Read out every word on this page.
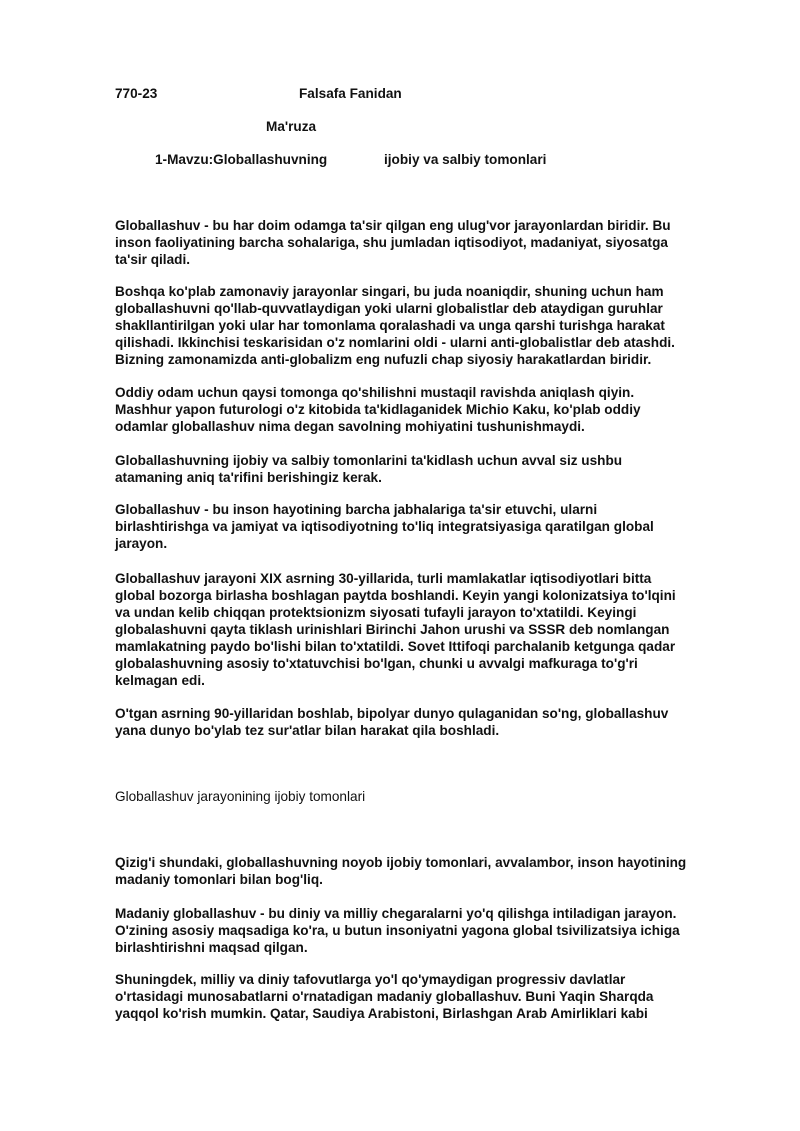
770-23	Falsafa Fanidan
Ma'ruza
1-Mavzu:Globallashuvning	ijobiy va salbiy tomonlari

Globallashuv - bu har doim odamga ta'sir qilgan eng ulug'vor jarayonlardan biridir. Bu
inson faoliyatining barcha sohalariga, shu jumladan iqtisodiyot, madaniyat, siyosatga
ta'sir qiladi.

Boshqa ko'plab zamonaviy jarayonlar singari, bu juda noaniqdir, shuning uchun ham
globallashuvni qo'llab-quvvatlaydigan yoki ularni globalistlar deb ataydigan guruhlar
shakllantirilgan yoki ular har tomonlama qoralashadi va unga qarshi turishga harakat
qilishadi. Ikkinchisi teskarisidan o'z nomlarini oldi - ularni anti-globalistlar deb atashdi.
Bizning zamonamizda anti-globalizm eng nufuzli chap siyosiy harakatlardan biridir.

Oddiy odam uchun qaysi tomonga qo'shilishni mustaqil ravishda aniqlash qiyin.
Mashhur yapon futurologi o'z kitobida ta'kidlaganidek Michio Kaku, ko'plab oddiy
odamlar globallashuv nima degan savolning mohiyatini tushunishmaydi.

Globallashuvning ijobiy va salbiy tomonlarini ta'kidlash uchun avval siz ushbu
atamaning aniq ta'rifini berishingiz kerak.

Globallashuv - bu inson hayotining barcha jabhalariga ta'sir etuvchi, ularni
birlashtirishga va jamiyat va iqtisodiyotning to'liq integratsiyasiga qaratilgan global
jarayon.

Globallashuv jarayoni XIX asrning 30-yillarida, turli mamlakatlar iqtisodiyotlari bitta
global bozorga birlasha boshlagan paytda boshlandi. Keyin yangi kolonizatsiya to'lqini
va undan kelib chiqqan protektsionizm siyosati tufayli jarayon to'xtatildi. Keyingi
globalashuvni qayta tiklash urinishlari Birinchi Jahon urushi va SSSR deb nomlangan
mamlakatning paydo bo'lishi bilan to'xtatildi. Sovet Ittifoqi parchalanib ketgunga qadar
globalashuvning asosiy to'xtatuvchisi bo'lgan, chunki u avvalgi mafkuraga to'g'ri
kelmagan edi.

O'tgan asrning 90-yillaridan boshlab, bipolyar dunyo qulaganidan so'ng, globallashuv
yana dunyo bo'ylab tez sur'atlar bilan harakat qila boshladi.

Globallashuv jarayonining ijobiy tomonlari

Qizig'i shundaki, globallashuvning noyob ijobiy tomonlari, avvalambor, inson hayotining
madaniy tomonlari bilan bog'liq.

Madaniy globallashuv - bu diniy va milliy chegaralarni yo'q qilishga intiladigan jarayon.
O'zining asosiy maqsadiga ko'ra, u butun insoniyatni yagona global tsivilizatsiya ichiga
birlashtirishni maqsad qilgan.

Shuningdek, milliy va diniy tafovutlarga yo'l qo'ymaydigan progressiv davlatlar
o'rtasidagi munosabatlarni o'rnatadigan madaniy globallashuv. Buni Yaqin Sharqda
yaqqol ko'rish mumkin. Qatar, Saudiya Arabistoni, Birlashgan Arab Amirliklari kabi
